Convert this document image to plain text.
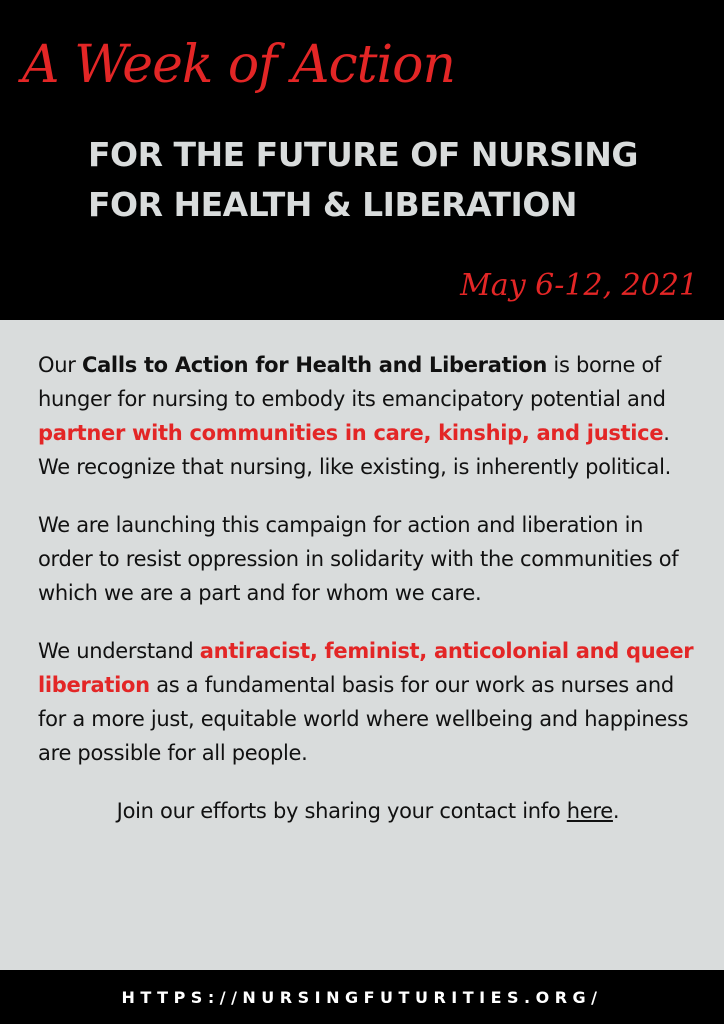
A Week of Action
FOR THE FUTURE OF NURSING
FOR HEALTH & LIBERATION
May 6-12, 2021

Our Calls to Action for Health and Liberation is borne of hunger for nursing to embody its emancipatory potential and partner with communities in care, kinship, and justice. We recognize that nursing, like existing, is inherently political.

We are launching this campaign for action and liberation in order to resist oppression in solidarity with the communities of which we are a part and for whom we care.

We understand antiracist, feminist, anticolonial and queer liberation as a fundamental basis for our work as nurses and for a more just, equitable world where wellbeing and happiness are possible for all people.

Join our efforts by sharing your contact info here.

HTTPS://NURSINGFUTURITIES.ORG/
